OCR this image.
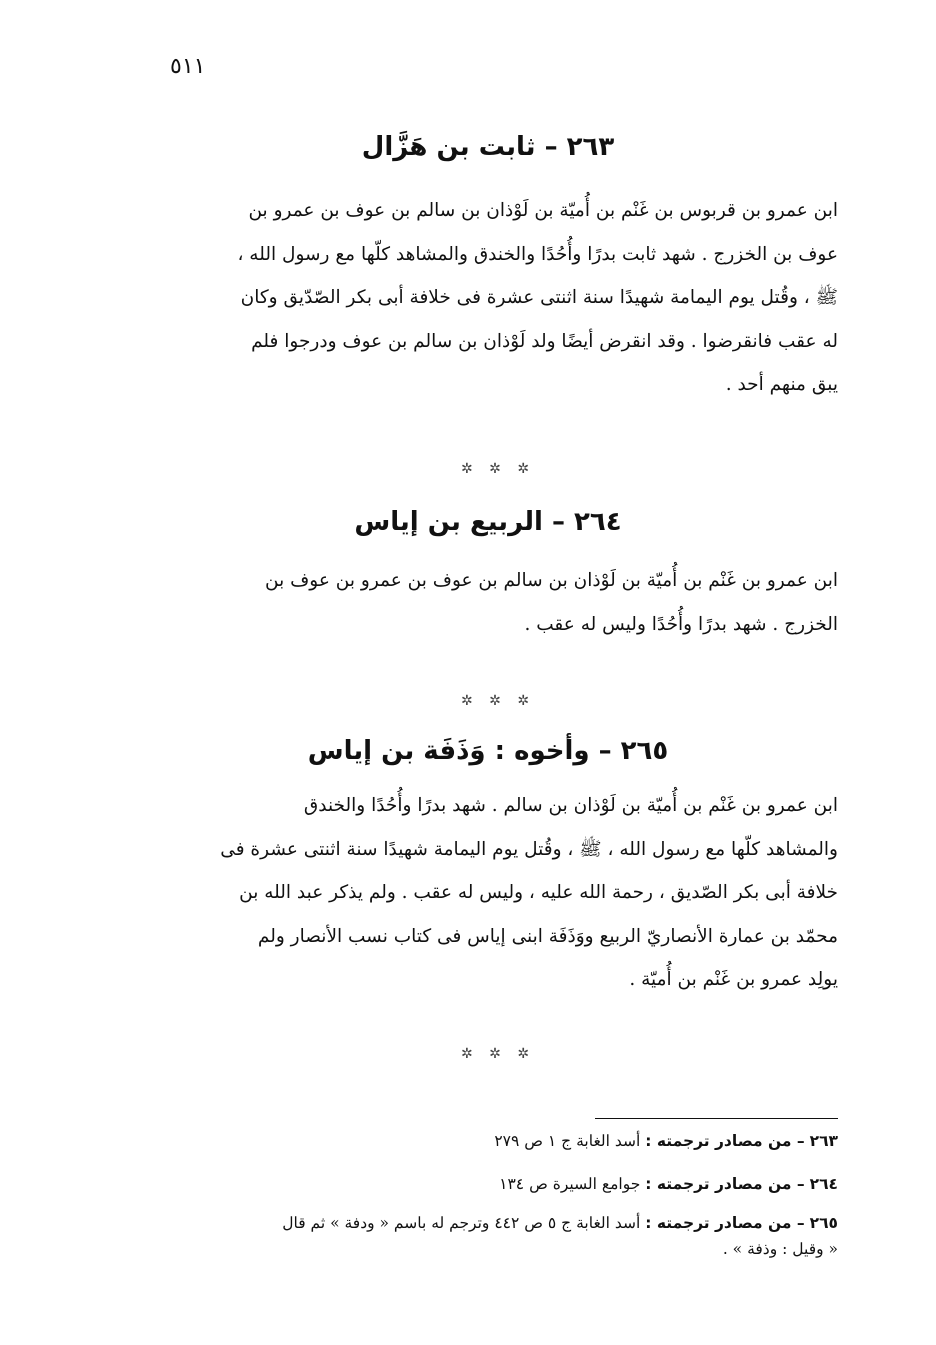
٥١١
٢٦٣ – ثابت بن هَزَّال
ابن عمرو بن قربوس بن غَنْم بن أُميّة بن لَوْذان بن سالم بن عوف بن عمرو بن
عوف بن الخزرج . شهد ثابت بدرًا وأُحُدًا والخندق والمشاهد كلّها مع رسول الله ،
ﷺ ، وقُتل يوم اليمامة شهيدًا سنة اثنتى عشرة فى خلافة أبى بكر الصّدّيق وكان
له عقب فانقرضوا . وقد انقرض أيضًا ولد لَوْذان بن سالم بن عوف ودرجوا فلم
يبق منهم أحد .
✲ ✲ ✲
٢٦٤ – الربيع بن إياس
ابن عمرو بن غَنْم بن أُميّة بن لَوْذان بن سالم بن عوف بن عمرو بن عوف بن
الخزرج . شهد بدرًا وأُحُدًا وليس له عقب .
✲ ✲ ✲
٢٦٥ – وأخوه : وَذَفَة بن إياس
ابن عمرو بن غَنْم بن أُميّة بن لَوْذان بن سالم . شهد بدرًا وأُحُدًا والخندق
والمشاهد كلّها مع رسول الله ، ﷺ ، وقُتل يوم اليمامة شهيدًا سنة اثنتى عشرة فى
خلافة أبى بكر الصّديق ، رحمة الله عليه ، وليس له عقب . ولم يذكر عبد الله بن
محمّد بن عمارة الأنصاريّ الربيع ووَذَفَة ابنى إياس فى كتاب نسب الأنصار ولم
يولِد عمرو بن غَنْم بن أُميّة .
✲ ✲ ✲
٢٦٣ – من مصادر ترجمته : أسد الغابة ج ١ ص ٢٧٩
٢٦٤ – من مصادر ترجمته : جوامع السيرة ص ١٣٤
٢٦٥ – من مصادر ترجمته : أسد الغابة ج ٥ ص ٤٤٢ وترجم له باسم « ودفة » ثم قال
« وقيل : وذفة » .
